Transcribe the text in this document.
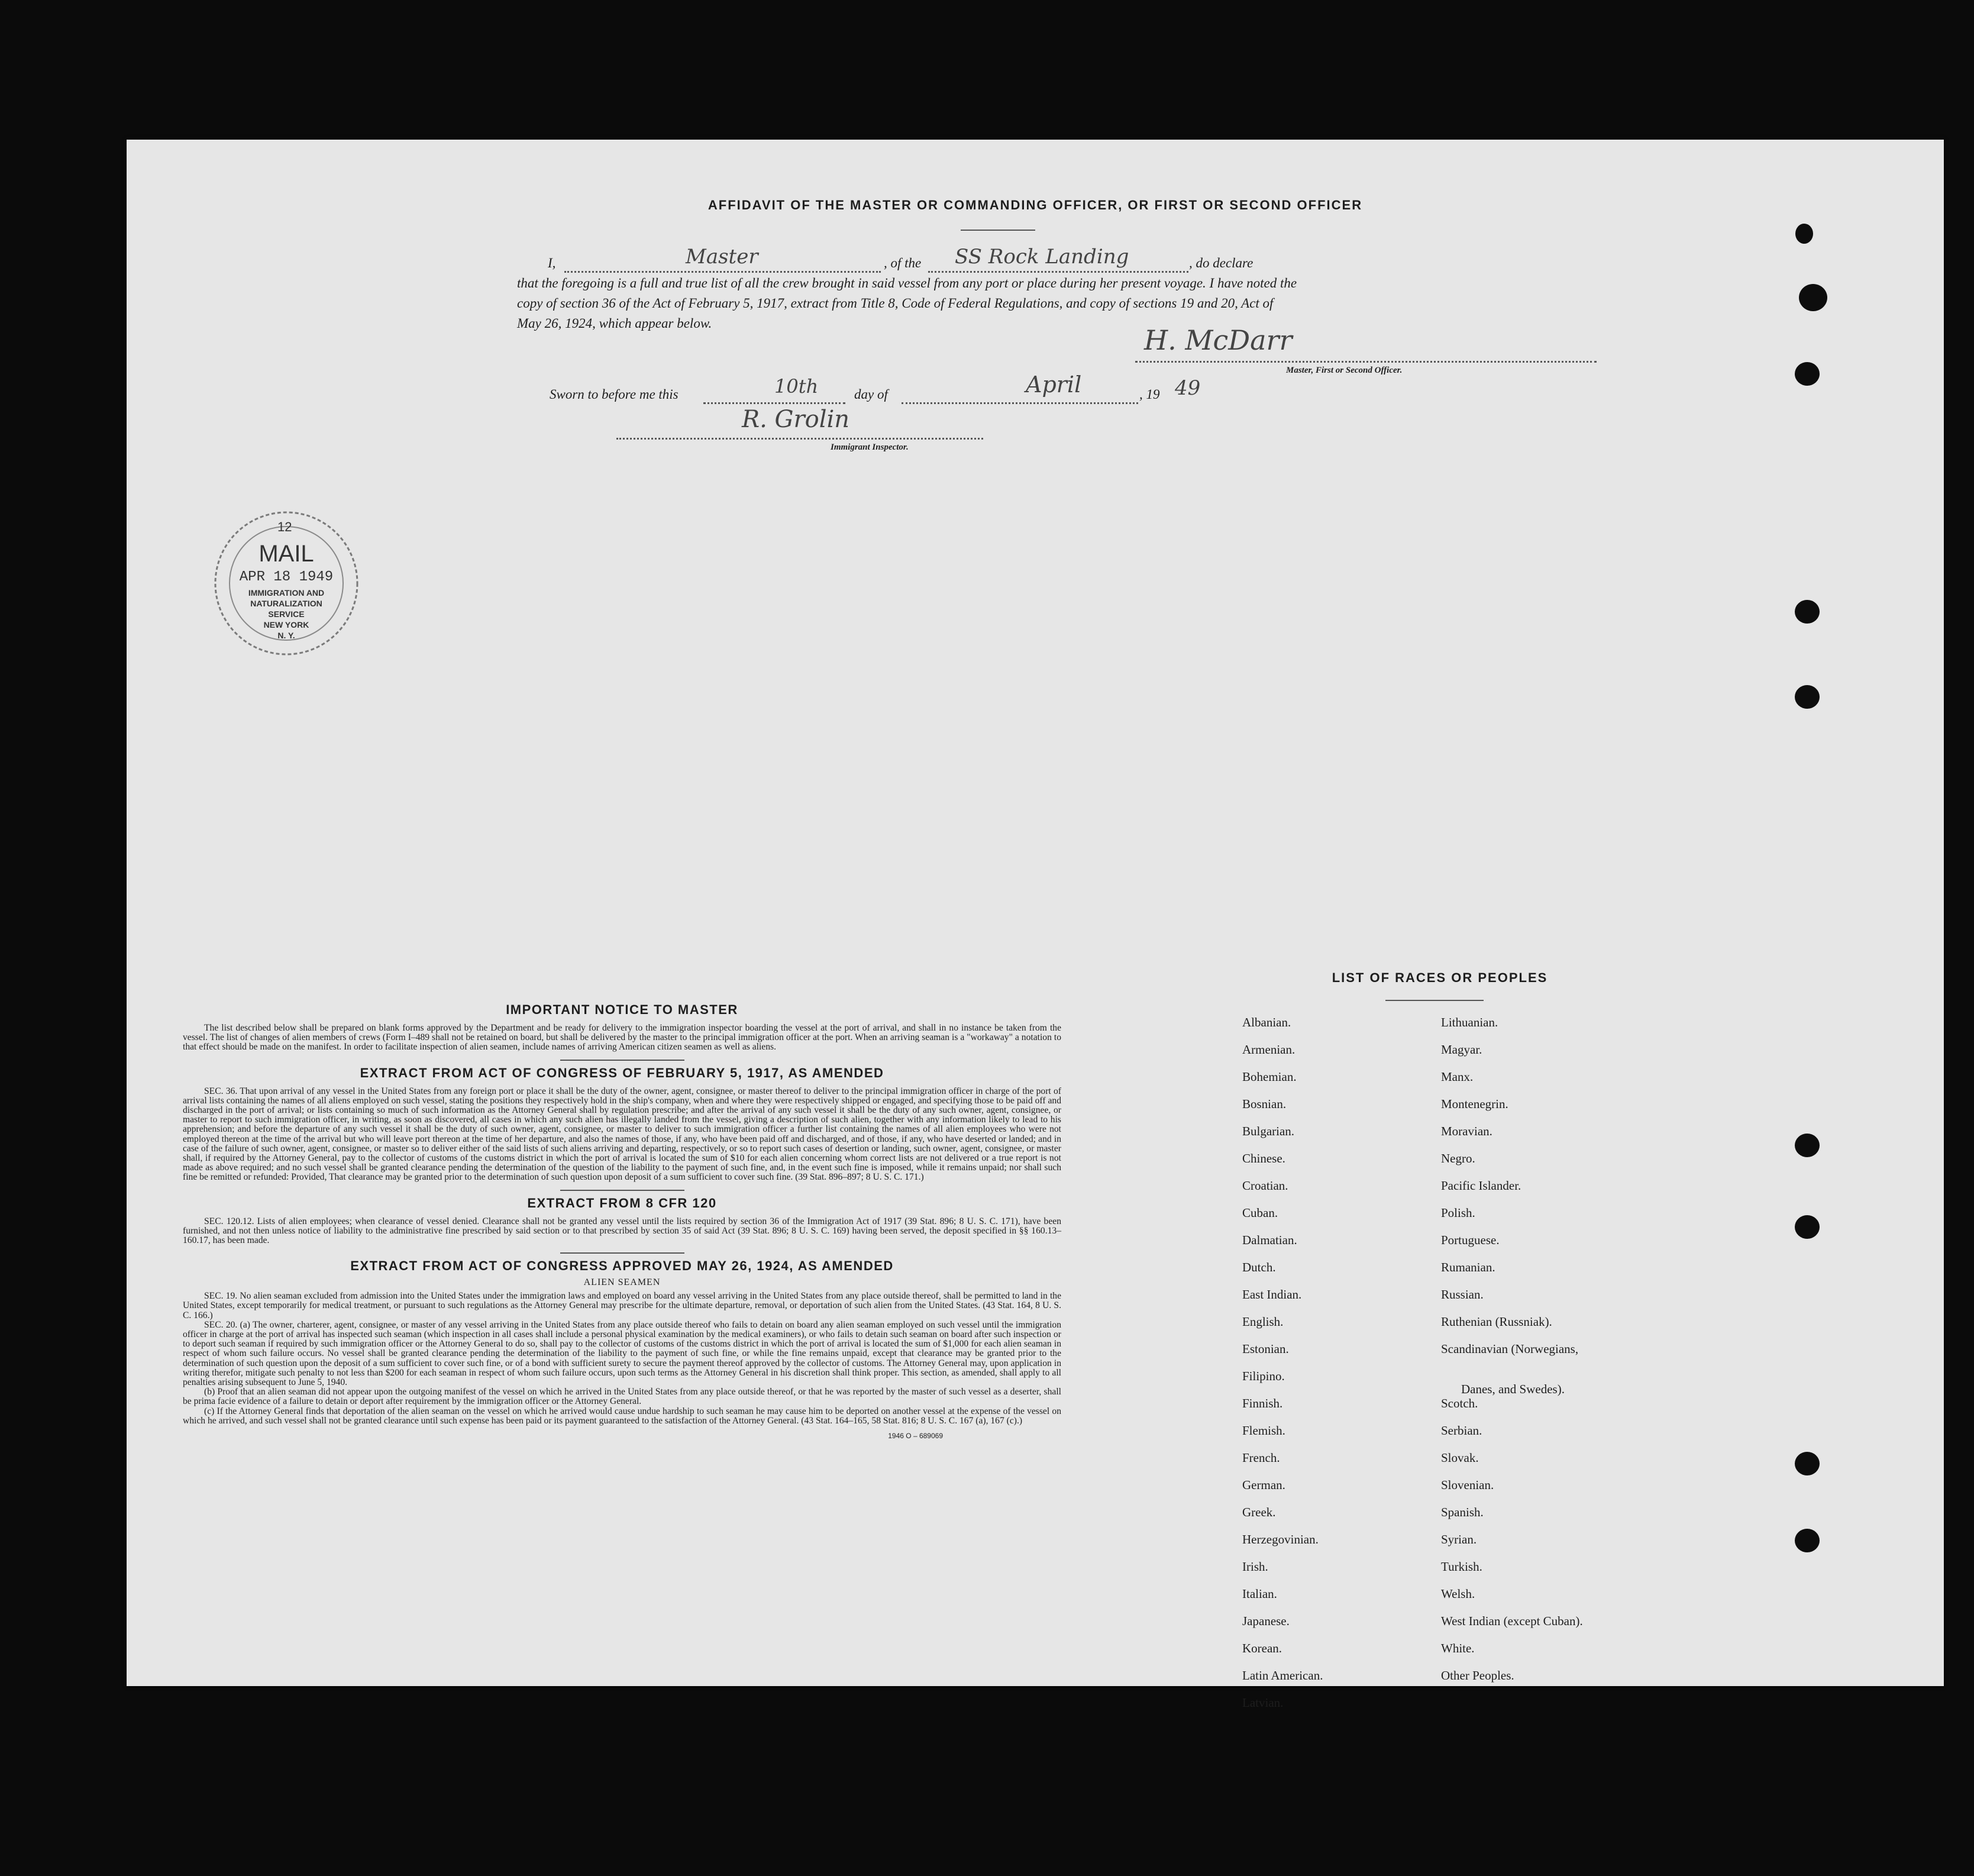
AFFIDAVIT OF THE MASTER OR COMMANDING OFFICER, OR FIRST OR SECOND OFFICER
I,	Master	, of the SS Rock Landing	, do declare
that the foregoing is a full and true list of all the crew brought in said vessel from any port or place during her present voyage. I have noted the
copy of section 36 of the Act of February 5, 1917, extract from Title 8, Code of Federal Regulations, and copy of sections 19 and 20, Act of
May 26, 1924, which appear below.
H. McDarr
Master, First or Second Officer.
Sworn to before me this	10th	day of	April	, 19 49
R. Grolin
Immigrant Inspector.
12
MAIL
APR 18 1949
IMMIGRATION AND
NATURALIZATION
SERVICE
NEW YORK
N. Y.
IMPORTANT NOTICE TO MASTER

The list described below shall be prepared on blank forms approved by the Department and be ready for delivery to the immigration inspector boarding the vessel at the port of arrival, and shall in no instance be taken from the vessel. The list of changes of alien members of crews (Form I–489 shall not be retained on board, but shall be delivered by the master to the principal immigration officer at the port. When an arriving seaman is a "workaway" a notation to that effect should be made on the manifest. In order to facilitate inspection of alien seamen, include names of arriving American citizen seamen as well as aliens.

EXTRACT FROM ACT OF CONGRESS OF FEBRUARY 5, 1917, AS AMENDED

SEC. 36. That upon arrival of any vessel in the United States from any foreign port or place it shall be the duty of the owner, agent, consignee, or master thereof to deliver to the principal immigration officer in charge of the port of arrival lists containing the names of all aliens employed on such vessel, stating the positions they respectively hold in the ship's company, when and where they were respectively shipped or engaged, and specifying those to be paid off and discharged in the port of arrival; or lists containing so much of such information as the Attorney General shall by regulation prescribe; and after the arrival of any such vessel it shall be the duty of any such owner, agent, consignee, or master to report to such immigration officer, in writing, as soon as discovered, all cases in which any such alien has illegally landed from the vessel, giving a description of such alien, together with any information likely to lead to his apprehension; and before the departure of any such vessel it shall be the duty of such owner, agent, consignee, or master to deliver to such immigration officer a further list containing the names of all alien employees who were not employed thereon at the time of the arrival but who will leave port thereon at the time of her departure, and also the names of those, if any, who have been paid off and discharged, and of those, if any, who have deserted or landed; and in case of the failure of such owner, agent, consignee, or master so to deliver either of the said lists of such aliens arriving and departing, respectively, or so to report such cases of desertion or landing, such owner, agent, consignee, or master shall, if required by the Attorney General, pay to the collector of customs of the customs district in which the port of arrival is located the sum of $10 for each alien concerning whom correct lists are not delivered or a true report is not made as above required; and no such vessel shall be granted clearance pending the determination of the question of the liability to the payment of such fine, and, in the event such fine is imposed, while it remains unpaid; nor shall such fine be remitted or refunded: Provided, That clearance may be granted prior to the determination of such question upon deposit of a sum sufficient to cover such fine. (39 Stat. 896–897; 8 U. S. C. 171.)

EXTRACT FROM 8 CFR 120

SEC. 120.12. Lists of alien employees; when clearance of vessel denied. Clearance shall not be granted any vessel until the lists required by section 36 of the Immigration Act of 1917 (39 Stat. 896; 8 U. S. C. 171), have been furnished, and not then unless notice of liability to the administrative fine prescribed by said section or to that prescribed by section 35 of said Act (39 Stat. 896; 8 U. S. C. 169) having been served, the deposit specified in §§ 160.13–160.17, has been made.

EXTRACT FROM ACT OF CONGRESS APPROVED MAY 26, 1924, AS AMENDED
ALIEN SEAMEN

SEC. 19. No alien seaman excluded from admission into the United States under the immigration laws and employed on board any vessel arriving in the United States from any place outside thereof, shall be permitted to land in the United States, except temporarily for medical treatment, or pursuant to such regulations as the Attorney General may prescribe for the ultimate departure, removal, or deportation of such alien from the United States. (43 Stat. 164, 8 U. S. C. 166.)

SEC. 20. (a) The owner, charterer, agent, consignee, or master of any vessel arriving in the United States from any place outside thereof who fails to detain on board any alien seaman employed on such vessel until the immigration officer in charge at the port of arrival has inspected such seaman (which inspection in all cases shall include a personal physical examination by the medical examiners), or who fails to detain such seaman on board after such inspection or to deport such seaman if required by such immigration officer or the Attorney General to do so, shall pay to the collector of customs of the customs district in which the port of arrival is located the sum of $1,000 for each alien seaman in respect of whom such failure occurs. No vessel shall be granted clearance pending the determination of the liability to the payment of such fine, or while the fine remains unpaid, except that clearance may be granted prior to the determination of such question upon the deposit of a sum sufficient to cover such fine, or of a bond with sufficient surety to secure the payment thereof approved by the collector of customs. The Attorney General may, upon application in writing therefor, mitigate such penalty to not less than $200 for each seaman in respect of whom such failure occurs, upon such terms as the Attorney General in his discretion shall think proper. This section, as amended, shall apply to all penalties arising subsequent to June 5, 1940.

(b) Proof that an alien seaman did not appear upon the outgoing manifest of the vessel on which he arrived in the United States from any place outside thereof, or that he was reported by the master of such vessel as a deserter, shall be prima facie evidence of a failure to detain or deport after requirement by the immigration officer or the Attorney General.

(c) If the Attorney General finds that deportation of the alien seaman on the vessel on which he arrived would cause undue hardship to such seaman he may cause him to be deported on another vessel at the expense of the vessel on which he arrived, and such vessel shall not be granted clearance until such expense has been paid or its payment guaranteed to the satisfaction of the Attorney General. (43 Stat. 164–165, 58 Stat. 816; 8 U. S. C. 167 (a), 167 (c).)

1946 O – 689069
LIST OF RACES OR PEOPLES
Albanian.
Armenian.
Bohemian.
Bosnian.
Bulgarian.
Chinese.
Croatian.
Cuban.
Dalmatian.
Dutch.
East Indian.
English.
Estonian.
Filipino.
Finnish.
Flemish.
French.
German.
Greek.
Herzegovinian.
Irish.
Italian.
Japanese.
Korean.
Latin American.
Latvian.
Lithuanian.
Magyar.
Manx.
Montenegrin.
Moravian.
Negro.
Pacific Islander.
Polish.
Portuguese.
Rumanian.
Russian.
Ruthenian (Russniak).
Scandinavian (Norwegians,
Danes, and Swedes).
Scotch.
Serbian.
Slovak.
Slovenian.
Spanish.
Syrian.
Turkish.
Welsh.
West Indian (except Cuban).
White.
Other Peoples.
